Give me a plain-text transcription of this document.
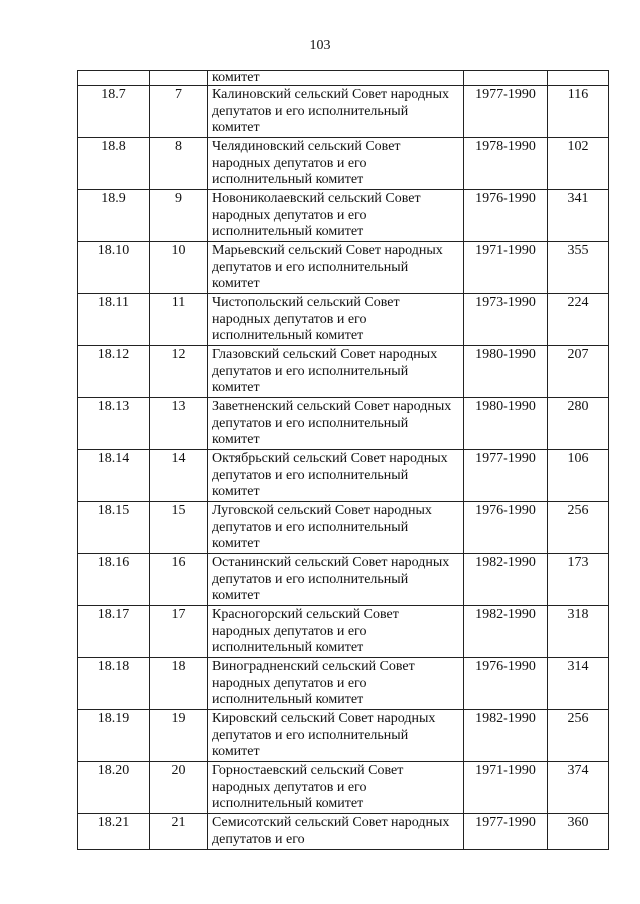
103
		комитет		
18.7	7	Калиновский сельский Совет народных депутатов и его исполнительный комитет	1977-1990	116
18.8	8	Челядиновский сельский Совет народных депутатов и его исполнительный комитет	1978-1990	102
18.9	9	Новониколаевский сельский Совет народных депутатов и его исполнительный комитет	1976-1990	341
18.10	10	Марьевский сельский Совет народных депутатов и его исполнительный комитет	1971-1990	355
18.11	11	Чистопольский сельский Совет народных депутатов и его исполнительный комитет	1973-1990	224
18.12	12	Глазовский сельский Совет народных депутатов и его исполнительный комитет	1980-1990	207
18.13	13	Заветненский сельский Совет народных депутатов и его исполнительный комитет	1980-1990	280
18.14	14	Октябрьский сельский Совет народных депутатов и его исполнительный комитет	1977-1990	106
18.15	15	Луговской сельский Совет народных депутатов и его исполнительный комитет	1976-1990	256
18.16	16	Останинский сельский Совет народных депутатов и его исполнительный комитет	1982-1990	173
18.17	17	Красногорский сельский Совет народных депутатов и его исполнительный комитет	1982-1990	318
18.18	18	Виноградненский сельский Совет народных депутатов и его исполнительный комитет	1976-1990	314
18.19	19	Кировский сельский Совет народных депутатов и его исполнительный комитет	1982-1990	256
18.20	20	Горностаевский сельский Совет народных депутатов и его исполнительный комитет	1971-1990	374
18.21	21	Семисотский сельский Совет народных депутатов и его	1977-1990	360
